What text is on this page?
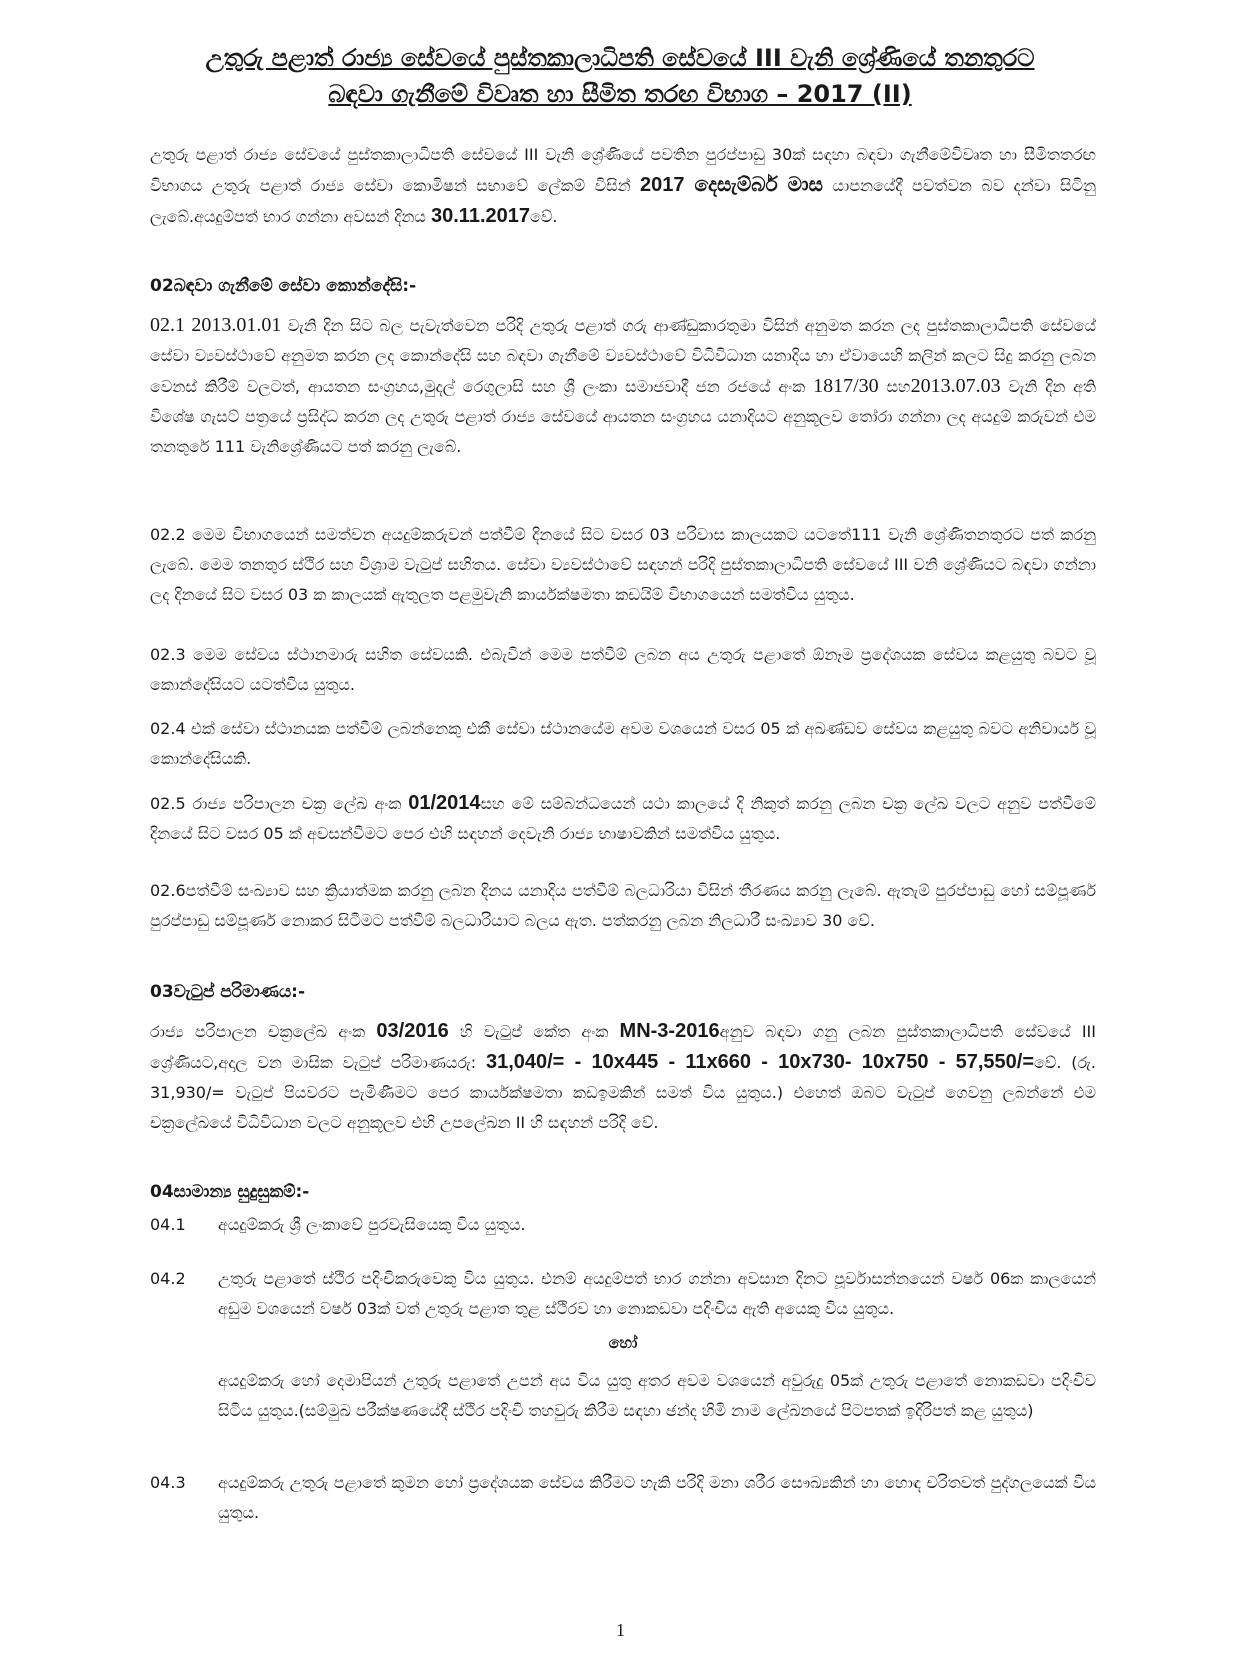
උතුරු පළාත් රාජ්‍ය සේවයේ පුස්තකාලාධිපති සේවයේ III වැනි ශ්‍රේණියේ තනතුරට
බඳවා ගැනීමේ විවෘත හා සීමිත තරඟ විභාග – 2017 (II)

උතුරු පළාත් රාජ්‍ය සේවයේ පුස්තකාලාධිපති සේවයේ III වැනි ශ්‍රේණියේ පවතින පුරප්පාඩු 30ක් සඳහා බඳවා ගැනීමේවිවෘත හා සීමිතතරඟ විභාගය උතුරු පළාත් රාජ්‍ය සේවා කොමිෂන් සභාවේ ලේකම් විසින් 2017 දෙසැම්බර් මාස යාපනයේදී පවත්වන බව දන්වා සිටිනු ලැබේ.අයදුම්පත් භාර ගන්නා අවසන් දිනය 30.11.2017වේ.

02බඳවා ගැනීමේ සේවා කොන්දේසි:-

02.1 2013.01.01 වැනි දින සිට බල පැවැත්වෙන පරිදි උතුරු පළාත් ගරු ආණ්ඩුකාරතුමා විසින් අනුමත කරන ලද පුස්තකාලාධිපති සේවයේ සේවා ව්‍යවස්ථාවේ අනුමත කරන ලද කොන්දේසි සහ බඳවා ගැනීමේ ව්‍යවස්ථාවේ විධිවිධාන යනාදිය හා ඒවායෙහි කලින් කලට සිදු කරනු ලබන වෙනස් කිරීම් වලටත්, ආයතන සංග්‍රහය,මුදල් රෙගුලාසි සහ ශ්‍රී ලංකා සමාජවාදී ජන රජයේ අංක 1817/30 සහ2013.07.03 වැනි දින අති විශේෂ ගැසට් පත්‍රයේ ප්‍රසිද්ධ කරන ලද උතුරු පළාත් රාජ්‍ය සේවයේ ආයතන සංග්‍රහය යනාදියට අනුකූලව තෝරා ගන්නා ලද අයදුම් කරුවන් එම තනතුරේ 111 වැනිශ්‍රේණියට පත් කරනු ලැබේ.

02.2 මෙම විභාගයෙන් සමත්වන අයදුම්කරුවන් පත්වීම් දිනයේ සිට වසර 03 පරිවාස කාලයකට යටතේ111 වැනි ශ්‍රේණිතනතුරට පත් කරනු ලැබේ. මෙම තනතුර ස්ථිර සහ විශ්‍රාම වැටුප් සහිතය. සේවා ව්‍යවස්ථාවේ සඳහන් පරිදි පුස්තකාලාධිපති සේවයේ III වනි ශ්‍රේණියට බඳවා ගන්නා ලද දිනයේ සිට වසර 03 ක කාලයක් ඇතුලත පළමුවැනි කාර්යක්ෂමතා කඩයිම් විභාගයෙන් සමත්විය යුතුය.

02.3 මෙම සේවය ස්ථානමාරු සහිත සේවයකි. එබැවින් මෙම පත්වීම් ලබන අය උතුරු පළාතේ ඕනෑම ප්‍රදේශයක සේවය කළයුතු බවට වූ කොන්දේසියට යටත්විය යුතුය.

02.4 එක් සේවා ස්ථානයක පත්වීම් ලබන්නෙකු එකී සේවා ස්ථානයේම අවම වශයෙන් වසර 05 ක් අඛණ්ඩව සේවය කළයුතු බවට අනිවාර්ය වූ කොන්දේසියකි.

02.5 රාජ්‍ය පරිපාලන චක්‍ර ලේඛ අංක 01/2014සහ මේ සම්බන්ධයෙන් යථා කාලයේ දි නිකුත් කරනු ලබන චක්‍ර ලේඛ වලට අනුව පත්වීමේ දිනයේ සිට වසර 05 ක් අවසන්වීමට පෙර එහි සඳහන් දෙවැනි රාජ්‍ය භාෂාවකින් සමත්විය යුතුය.

02.6පත්වීම් සංඛ්‍යාව සහ ක්‍රියාත්මක කරනු ලබන දිනය යනාදිය පත්වීම් බලධාරියා විසින් තීරණය කරනු ලැබේ. ඇතැම් පුරප්පාඩු හෝ සම්පූර්ණ පුරප්පාඩු සම්පූර්ණ නොකර සිටීමට පත්වීම් බලධාරියාට බලය ඇත. පත්කරනු ලබන නිලධාරී සංඛ්‍යාව 30 වේ.

03වැටුප් පරිමාණය:-

රාජ්‍ය පරිපාලන චක්‍රලේඛ අංක 03/2016 හි වැටුප් කේත අංක MN-3-2016අනුව බඳවා ගනු ලබන පුස්තකාලාධිපති සේවයේ III ශ්‍රේණියට,අදාල වන මාසික වැටුප් පරිමාණයරු: 31,040/= - 10x445 - 11x660 - 10x730- 10x750 - 57,550/=වේ. (රු. 31,930/= වැටුප් පියවරට පැමිණීමට පෙර කාර්යක්ෂමතා කඩඉමකින් සමත් විය යුතුය.) එහෙත් ඔබට වැටුප් ගෙවනු ලබන්නේ එම චක්‍රලේඛයේ විධිවිධාන වලට අනුකූලව එහි උපලේඛන II හි සඳහන් පරිදි වේ.

04සාමාන්‍ය සුදුසුකම්:-
04.1 අයදුම්කරු ශ්‍රී ලංකාවේ පුරවැසියෙකු විය යුතුය.

04.2 උතුරු පළාතේ ස්ථිර පදිංචිකරුවෙකු විය යුතුය. එනම් අයදුම්පත් භාර ගන්නා අවසාන දිනට පූර්වාසන්නයෙන් වර්ෂ 06ක කාලයෙන් අඩුම වශයෙන් වර්ෂ 03ක් වත් උතුරු පළාත තුළ ස්ථිරව හා නොකඩවා පදිංචිය ඇති අයෙකු විය යුතුය.

හෝ

අයදුම්කරු හෝ දෙමාපියන් උතුරු පළාතේ උපන් අය විය යුතු අතර අවම වශයෙන් අවුරුදු 05ක් උතුරු පළාතේ නොකඩවා පදිංචිව සිටිය යුතුය.(සම්මුඛ පරීක්ෂණයේදී ස්ථිර පදිංචි තහවුරු කිරීම සඳහා ඡන්ද හිමි නාම ලේඛනයේ පිටපතක් ඉදිරිපත් කළ යුතුය)

04.3 අයදුම්කරු උතුරු පළාතේ කුමන හෝ ප්‍රදේශයක සේවය කිරීමට හැකි පරිදි මනා ශරීර සෞඛ්‍යකින් හා හොඳ චරිතවත් පුද්ගලයෙක් විය යුතුය.

1
